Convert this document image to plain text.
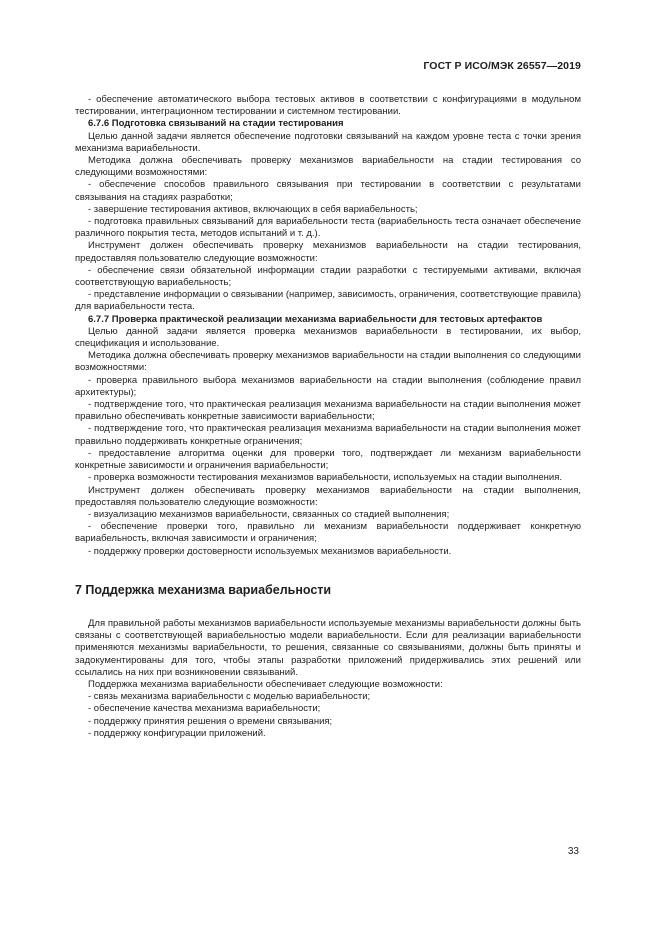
ГОСТ Р ИСО/МЭК 26557—2019

- обеспечение автоматического выбора тестовых активов в соответствии с конфигурациями в модульном тестировании, интеграционном тестировании и системном тестировании.

6.7.6 Подготовка связываний на стадии тестирования

Целью данной задачи является обеспечение подготовки связываний на каждом уровне теста с точки зрения механизма вариабельности.

Методика должна обеспечивать проверку механизмов вариабельности на стадии тестирования со следующими возможностями:

- обеспечение способов правильного связывания при тестировании в соответствии с результатами связывания на стадиях разработки;

- завершение тестирования активов, включающих в себя вариабельность;

- подготовка правильных связываний для вариабельности теста (вариабельность теста означает обеспечение различного покрытия теста, методов испытаний и т. д.).

Инструмент должен обеспечивать проверку механизмов вариабельности на стадии тестирования, предоставляя пользователю следующие возможности:

- обеспечение связи обязательной информации стадии разработки с тестируемыми активами, включая соответствующую вариабельность;

- представление информации о связывании (например, зависимость, ограничения, соответствующие правила) для вариабельности теста.

6.7.7 Проверка практической реализации механизма вариабельности для тестовых артефактов

Целью данной задачи является проверка механизмов вариабельности в тестировании, их выбор, спецификация и использование.

Методика должна обеспечивать проверку механизмов вариабельности на стадии выполнения со следующими возможностями:

- проверка правильного выбора механизмов вариабельности на стадии выполнения (соблюдение правил архитектуры);

- подтверждение того, что практическая реализация механизма вариабельности на стадии выполнения может правильно обеспечивать конкретные зависимости вариабельности;

- подтверждение того, что практическая реализация механизма вариабельности на стадии выполнения может правильно поддерживать конкретные ограничения;

- предоставление алгоритма оценки для проверки того, подтверждает ли механизм вариабельности конкретные зависимости и ограничения вариабельности;

- проверка возможности тестирования механизмов вариабельности, используемых на стадии выполнения.

Инструмент должен обеспечивать проверку механизмов вариабельности на стадии выполнения, предоставляя пользователю следующие возможности:

- визуализацию механизмов вариабельности, связанных со стадией выполнения;

- обеспечение проверки того, правильно ли механизм вариабельности поддерживает конкретную вариабельность, включая зависимости и ограничения;

- поддержку проверки достоверности используемых механизмов вариабельности.

7 Поддержка механизма вариабельности

Для правильной работы механизмов вариабельности используемые механизмы вариабельности должны быть связаны с соответствующей вариабельностью модели вариабельности. Если для реализации вариабельности применяются механизмы вариабельности, то решения, связанные со связываниями, должны быть приняты и задокументированы для того, чтобы этапы разработки приложений придерживались этих решений или ссылались на них при возникновении связываний.

Поддержка механизма вариабельности обеспечивает следующие возможности:

- связь механизма вариабельности с моделью вариабельности;

- обеспечение качества механизма вариабельности;

- поддержку принятия решения о времени связывания;

- поддержку конфигурации приложений.

33
